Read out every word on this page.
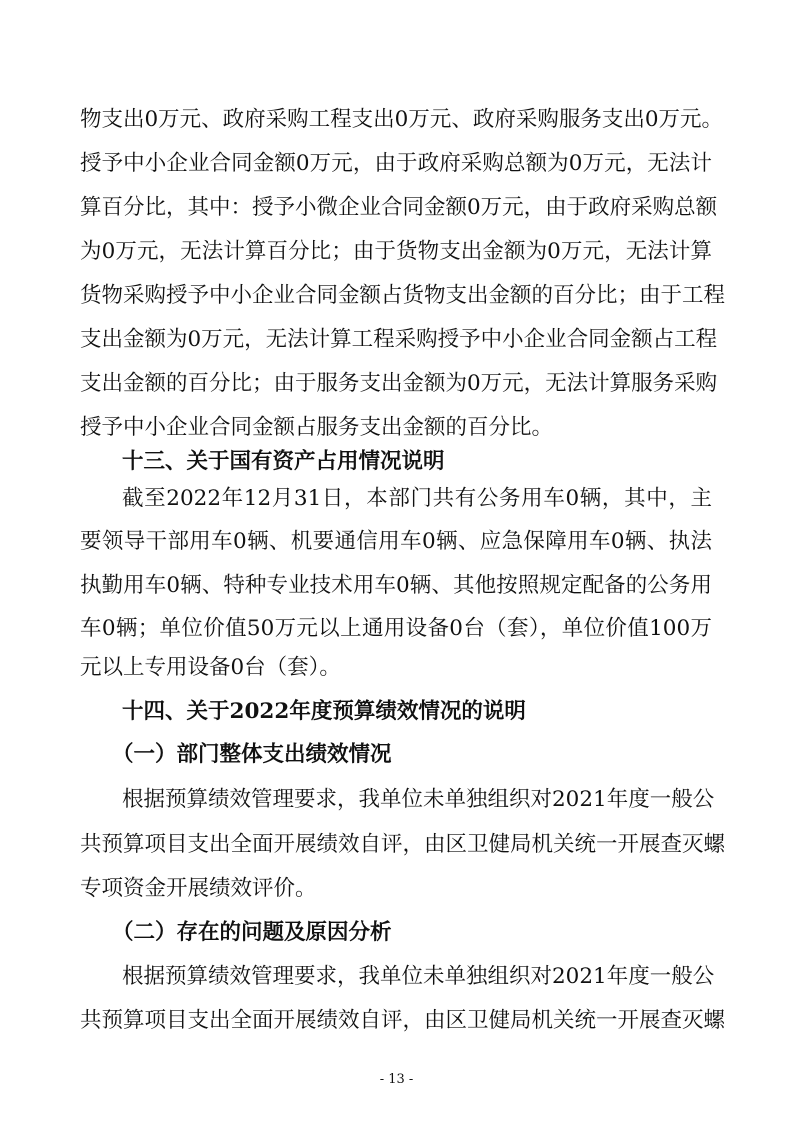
物支出0万元、政府采购工程支出0万元、政府采购服务支出0万元。
授予中小企业合同金额0万元，由于政府采购总额为0万元，无法计
算百分比，其中：授予小微企业合同金额0万元，由于政府采购总额
为0万元，无法计算百分比；由于货物支出金额为0万元，无法计算
货物采购授予中小企业合同金额占货物支出金额的百分比；由于工程
支出金额为0万元，无法计算工程采购授予中小企业合同金额占工程
支出金额的百分比；由于服务支出金额为0万元，无法计算服务采购
授予中小企业合同金额占服务支出金额的百分比。
十三、关于国有资产占用情况说明
截至2022年12月31日，本部门共有公务用车0辆，其中，主
要领导干部用车0辆、机要通信用车0辆、应急保障用车0辆、执法
执勤用车0辆、特种专业技术用车0辆、其他按照规定配备的公务用
车0辆；单位价值50万元以上通用设备0台（套），单位价值100万
元以上专用设备0台（套）。
十四、关于2022年度预算绩效情况的说明
（一）部门整体支出绩效情况
根据预算绩效管理要求，我单位未单独组织对2021年度一般公
共预算项目支出全面开展绩效自评，由区卫健局机关统一开展查灭螺
专项资金开展绩效评价。
（二）存在的问题及原因分析
根据预算绩效管理要求，我单位未单独组织对2021年度一般公
共预算项目支出全面开展绩效自评，由区卫健局机关统一开展查灭螺
- 13 -
